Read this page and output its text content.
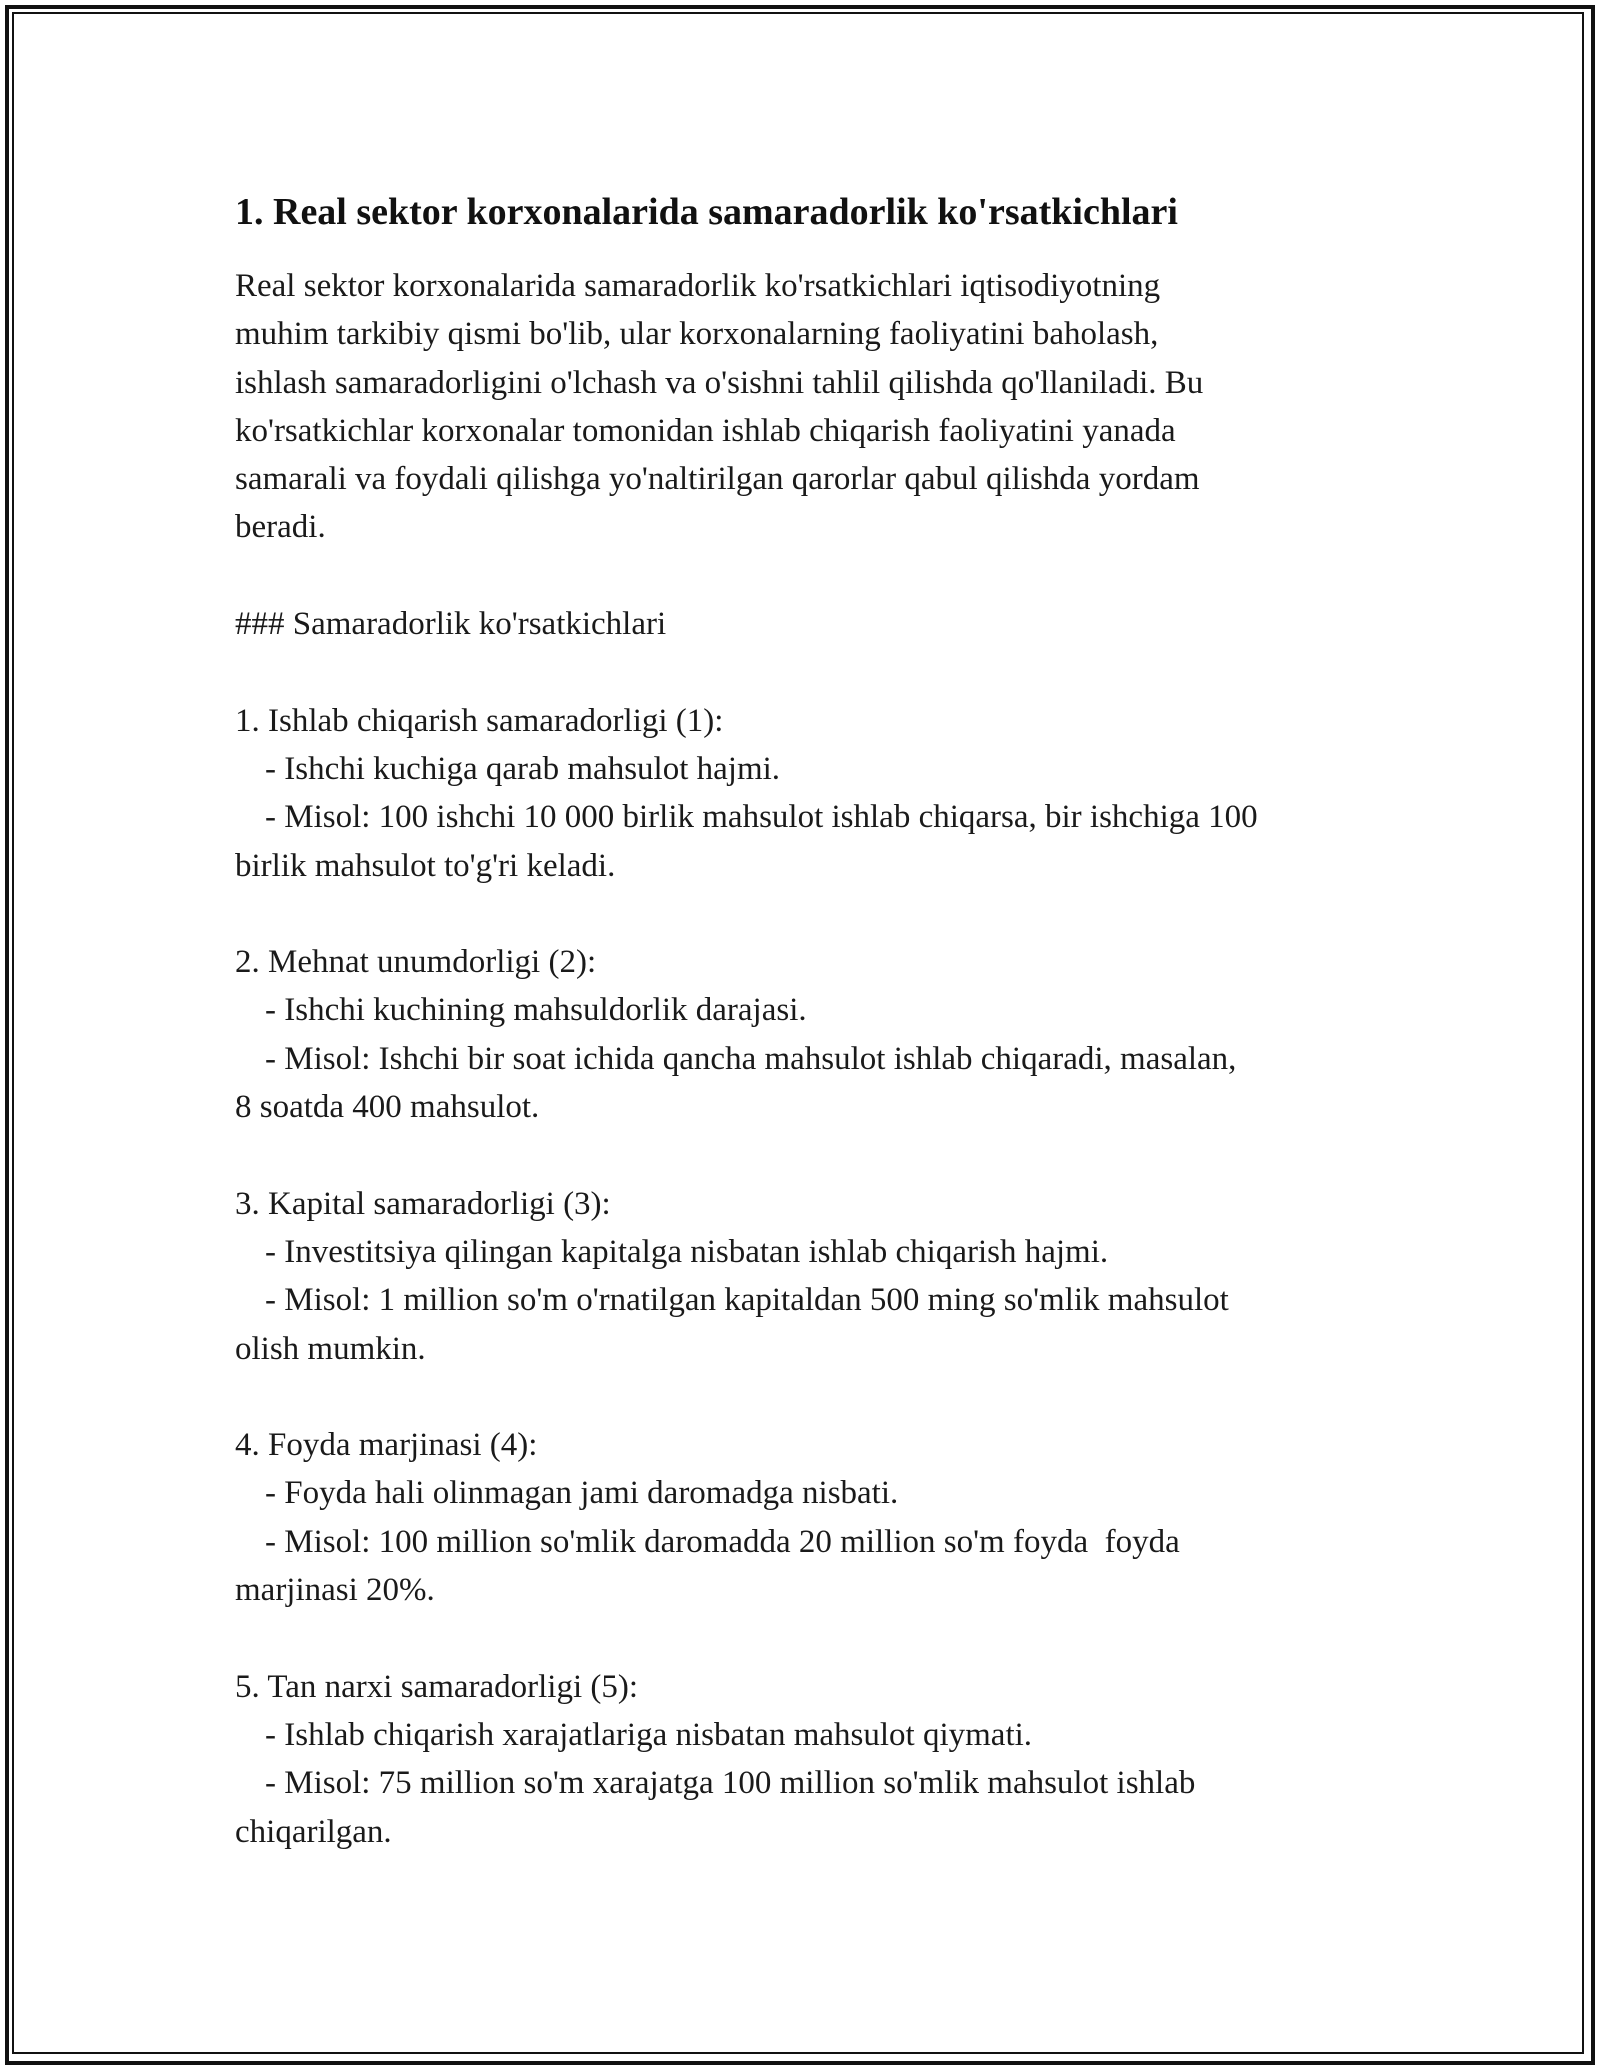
1. Real sektor korxonalarida samaradorlik ko'rsatkichlari

Real sektor korxonalarida samaradorlik ko'rsatkichlari iqtisodiyotning

muhim tarkibiy qismi bo'lib, ular korxonalarning faoliyatini baholash,

ishlash samaradorligini o'lchash va o'sishni tahlil qilishda qo'llaniladi. Bu

ko'rsatkichlar korxonalar tomonidan ishlab chiqarish faoliyatini yanada

samarali va foydali qilishga yo'naltirilgan qarorlar qabul qilishda yordam

beradi.

### Samaradorlik ko'rsatkichlari

1. Ishlab chiqarish samaradorligi (1):

- Ishchi kuchiga qarab mahsulot hajmi.

- Misol: 100 ishchi 10 000 birlik mahsulot ishlab chiqarsa, bir ishchiga 100

birlik mahsulot to'g'ri keladi.

2. Mehnat unumdorligi (2):

- Ishchi kuchining mahsuldorlik darajasi.

- Misol: Ishchi bir soat ichida qancha mahsulot ishlab chiqaradi, masalan,

8 soatda 400 mahsulot.

3. Kapital samaradorligi (3):

- Investitsiya qilingan kapitalga nisbatan ishlab chiqarish hajmi.

- Misol: 1 million so'm o'rnatilgan kapitaldan 500 ming so'mlik mahsulot

olish mumkin.

4. Foyda marjinasi (4):

- Foyda hali olinmagan jami daromadga nisbati.

- Misol: 100 million so'mlik daromadda 20 million so'm foyda  foyda

marjinasi 20%.

5. Tan narxi samaradorligi (5):

- Ishlab chiqarish xarajatlariga nisbatan mahsulot qiymati.

- Misol: 75 million so'm xarajatga 100 million so'mlik mahsulot ishlab

chiqarilgan.
